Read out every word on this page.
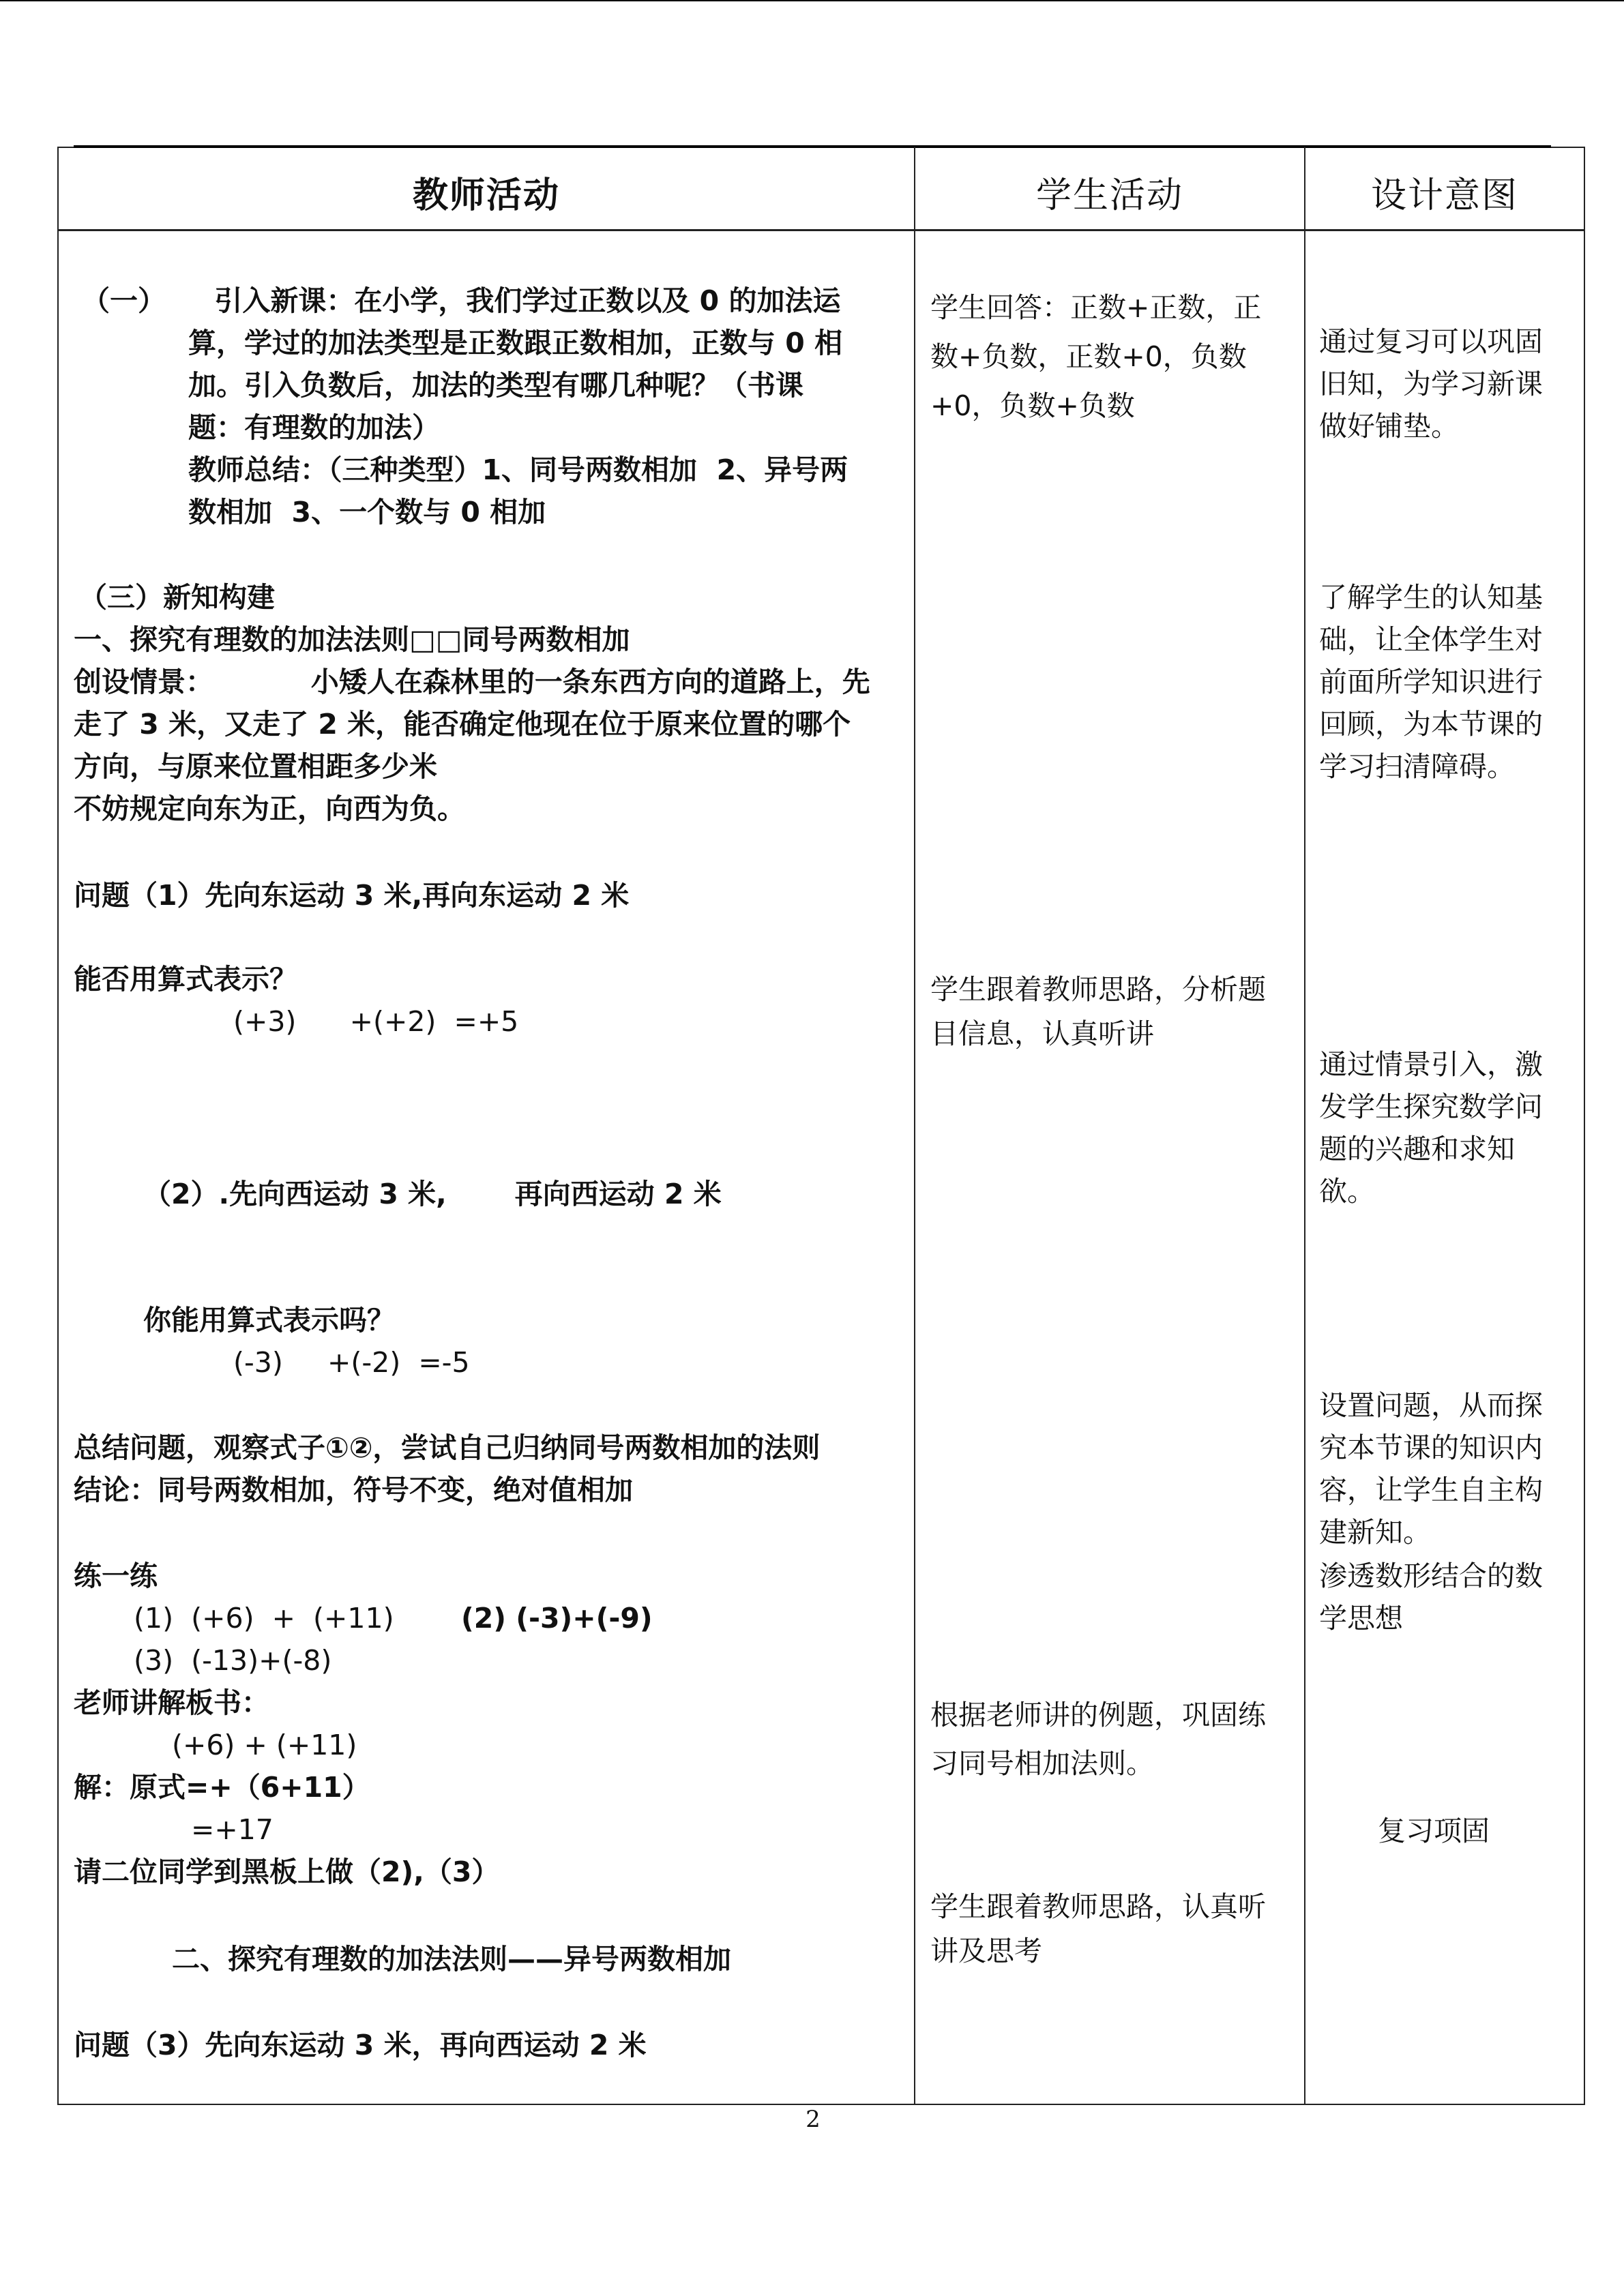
教师活动	学生活动	设计意图
（一）     引入新课：在小学，我们学过正数以及 0 的加法运
算，学过的加法类型是正数跟正数相加，正数与 0 相
加。引入负数后，加法的类型有哪几种呢？（书课
题：有理数的加法）
教师总结：（三种类型）1、同号两数相加  2、异号两
数相加  3、一个数与 0 相加
（三）新知构建
一、探究有理数的加法法则□□同号两数相加
创设情景：          小矮人在森林里的一条东西方向的道路上，先
走了 3 米，又走了 2 米，能否确定他现在位于原来位置的哪个
方向，与原来位置相距多少米
不妨规定向东为正，向西为负。
问题（1）先向东运动 3 米,再向东运动 2 米
能否用算式表示？
(+3)      +(+2)  =+5
（2）.先向西运动 3 米,       再向西运动 2 米
你能用算式表示吗？
(-3)     +(-2)  =-5
总结问题，观察式子①②，尝试自己归纳同号两数相加的法则
结论：同号两数相加，符号不变，绝对值相加
练一练
(1)  (+6)  +  (+11) (2) (-3)+(-9)
(3)  (-13)+(-8)
老师讲解板书：
(+6) + (+11)
解：原式=+（6+11）
=+17
请二位同学到黑板上做（2),（3）
二、探究有理数的加法法则——异号两数相加
问题（3）先向东运动 3 米，再向西运动 2 米
学生回答：正数+正数，正
数+负数，正数+0，负数
+0，负数+负数
学生跟着教师思路，分析题
目信息，认真听讲
根据老师讲的例题，巩固练
习同号相加法则。
学生跟着教师思路，认真听
讲及思考
通过复习可以巩固
旧知，为学习新课
做好铺垫。
了解学生的认知基
础，让全体学生对
前面所学知识进行
回顾，为本节课的
学习扫清障碍。
通过情景引入，激
发学生探究数学问
题的兴趣和求知
欲。
设置问题，从而探
究本节课的知识内
容，让学生自主构
建新知。
渗透数形结合的数
学思想
复习项固
2
